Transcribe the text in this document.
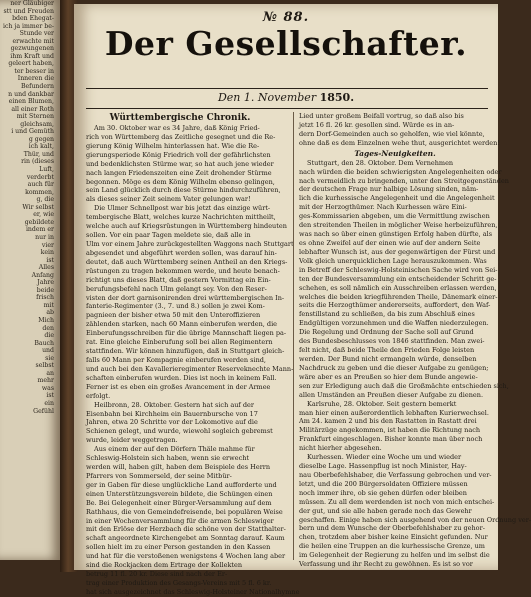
ner Gläubiger
stt und Freuden
bden Ehegat-
ich ja immer be-
Stunde ver
erwachte mit
gezwungenen
ihm Kraft und
geleert haben,
ter besser in
Inneren die
Befundern
n und dankbar
einen Blumen,
all einer Roth
mit Sternen
gleichsam,
i und Gemüth
g gegen
ich kalt,
Thür, und
rin (dieses
Luft,
verderbt
auch für
kommen,
g, die
Wir selbst
er, wie
gebildete
indem er
nur in
vier
kein
ist
Alles
Anfang
Jahre
beide
frisch
mit
ab
Mich
den
die
Bauch
und
sie
selbst
an
mehr
was
ist
ein
Gefühl
№ 88.
Der Gesellschafter.
Den 1. November 1850.
Württembergische Chronik.
Am 30. Oktober war es 34 Jahre, daß König Fried-
rich von Württemberg das Zeitliche gesegnet und die Re-
gierung König Wilhelm hinterlassen hat. Wie die Re-
gierungsperiode König Friedrich voll der gefährlichsten
und bedenklichsten Stürme war, so hat auch jene wieder
nach langen Friedenszeiten eine Zeit drohender Stürme
begonnen. Möge es dem König Wilhelm ebenso gelingen,
sein Land glücklich durch diese Stürme hindurchzuführen,
als dieses seiner Zeit seinem Vater gelungen war!
Die Ulmer Schnellpost war bis jetzt das einzige würt-
tembergische Blatt, welches kurze Nachrichten mittheilt,
welche auch auf Kriegsrüstungen in Württemberg hindeuten
sollen. Vor ein paar Tagen meldete sie, daß alle in
Ulm vor einem Jahre zurückgestellten Waggons nach Stuttgart
abgesendet und abgeführt werden sollen, was darauf hin-
deutet, daß auch Württemberg seinen Antheil an den Kriegs-
rüstungen zu tragen bekommen werde, und heute benach-
richtigt uns dieses Blatt, daß gestern Vormittag ein Ein-
berufungsbefehl nach Ulm gelangt sey. Von den Reser-
visten der dort garnisonirenden drei württembergischen In-
fanterie-Regimenter (3., 7. und 8.) sollen je zwei Kom-
pagnieen der bisher etwa 50 mit den Unteroffizieren
zählenden starken, nach 60 Mann einberufen werden, die
Einberufungsschreiben für die übrige Mannschaft liegen pa-
rat. Eine gleiche Einberufung soll bei allen Regimentern
stattfinden. Wir können hinzufügen, daß in Stuttgart gleich-
falls 60 Mann per Kompagnie einberufen werden sind,
und auch bei den Kavallerieregimenter Reserveknechte Mann-
schaften einberufen wurden. Dies ist noch in keinem Fall.
Ferner ist es eben ein großes Avancement in der Armee
erfolgt.
Heilbronn, 28. Oktober. Gestern hat sich auf der
Eisenbahn bei Kirchheim ein Bauernbursche von 17
Jahren, etwa 20 Schritte vor der Lokomotive auf die
Schienen gelegt, und wurde, wiewohl sogleich gebremst
wurde, leider weggetragen.
Aus einem der auf den Dörfern Thäle mahme für
Schleswig-Holstein sich haben, wenn sie erwecht
werden will, haben gilt, haben dem Beispiele des Herrn
Pfarrers von Sommerseld, der seine Mitbür-
ger in Gaben für diese unglückliche Land aufforderte und
einen Unterstützungsverein bildete, die Schüngen einen
Be. Bei Gelegenheit einer Bürger-Versammlung auf dem
Rathhaus, die von Gemeindefreisende, bei populären Weise
in einer Wochenversammlung für die armen Schleswiger
mit den Erlöse der Herzbach die schöne von der Statthalter-
schaft angeordnete Kirchengebet am Sonntag darauf. Kaum
sollen hielt im zu einer Person gestanden in den Kassen
und hat für die verstoßenen wenigstens 4 Wochen lang aber
sind die Rockjacken dem Ertrage der Kollekten
betrug 11 fl. 20 kr. Diese sind nach der Er-
trag einer Produktion des Gesangs-Vereins mit 5 fl. 6 kr.
hat sich ausgezeichnet das Schleswig-Holsteiner Nationalhymne
Lied unter großem Beifall vortrug, so daß also bis
jetzt 16 fl. 26 kr. gesollen sind. Würde es in an-
dern Dorf-Gemeinden auch so geholfen, wie viel könnte,
ohne daß es dem Einzelnen wehe thut, ausgerichtet werden!
Tages-Neuigkeiten.
Stuttgart, den 28. Oktober. Dem Vernehmen
nach würden die beiden schwierigsten Angelegenheiten oder
nach vermeidlich zu bringenden, unter den Streitgegenständen
der deutschen Frage nur halbige Lösung sinden, näm-
lich die kurhessische Angelegenheit und die Angelegenheit
mit der Herzogthümer. Nach Kurhessen wäre Eini-
ges-Kommissarien abgeben, um die Vermittlung zwischen
den streitenden Theilen in möglicher Weise herbeizuführen,
was nach so über einen günstigen Erfolg haben dürfte, als
es ohne Zweifel auf der einen wie auf der andern Seite
lebhafter Wunsch ist, aus der gegenwärtigen der Fürst und
Volk gleich unerquicklichen Lage herauszukommen. Was
in Betreff der Schleswig-Holsteinischen Sache wird von Sei-
ten der Bundesversammlung ein entscheidender Schritt ge-
schehen, es soll nämlich ein Ausschreiben erlassen werden,
welches die beiden kriegführenden Theile, Dänemark einer-
seits die Herzogthümer andererseits, auffordert, den Waf-
fenstillstand zu schließen, da bis zum Abschluß eines
Endgültigen vorzunehmen und die Waffen niederzulegen.
Die Regelung und Ordnung der Sache soll auf Grund
des Bundesbeschlusses von 1846 stattfinden. Man zwei-
felt nicht, daß beide Theile den Frieden Folge leisten
werden. Der Bund nicht ermangeln würde, denselben
Nachdruck zu geben und die dieser Aufgabe zu genügen;
wäre aber es an Preußen so hier dem Bunde angewie-
sen zur Erledigung auch daß die Großmächte entschieden sich,
allen Umständen an Preußen dieser Aufgabe zu dienen.
Karlsruhe, 28. Oktober. Seit gestern bemerkt
man hier einen außerordentlich lebhaften Kurierwechsel.
Am 24. kamen 2 und bis den Rastatten in Rastatt drei
Militärzüge angekommen, ist haben die Richtung nach
Frankfurt eingeschlagen. Bisher konnte man über noch
nicht hierher abgesehen.
Kurhessen. Wieder eine Woche um und wieder
dieselbe Lage. Hassenpflug ist noch Minister, Hay-
nau Oberbefehlshaber, die Verfassung gebrochen und ver-
letzt, und die 200 Bürgersoldaten Offiziere müssen
noch immer ihre, ob sie gehen dürfen oder bleiben
müssen. Zu all dem werdenden ist noch von mich entschei-
der gut, und sie alle haben gerade noch das Gewehr
geschaffen. Einige haben sich ausgehend von der neuen Ordnung ver-
bern und dem Wunsche der Oberbefehlshaber zu gehor-
chen, trotzdem aber bisher keine Einsicht gefunden. Nur
die heilen eine Truppen an die kurhessische Grenze, um
im Gelegenheit der Regierung zu helfen und im selbst die
Verfassung und ihr Recht zu gewöhnen. Es ist so vor
